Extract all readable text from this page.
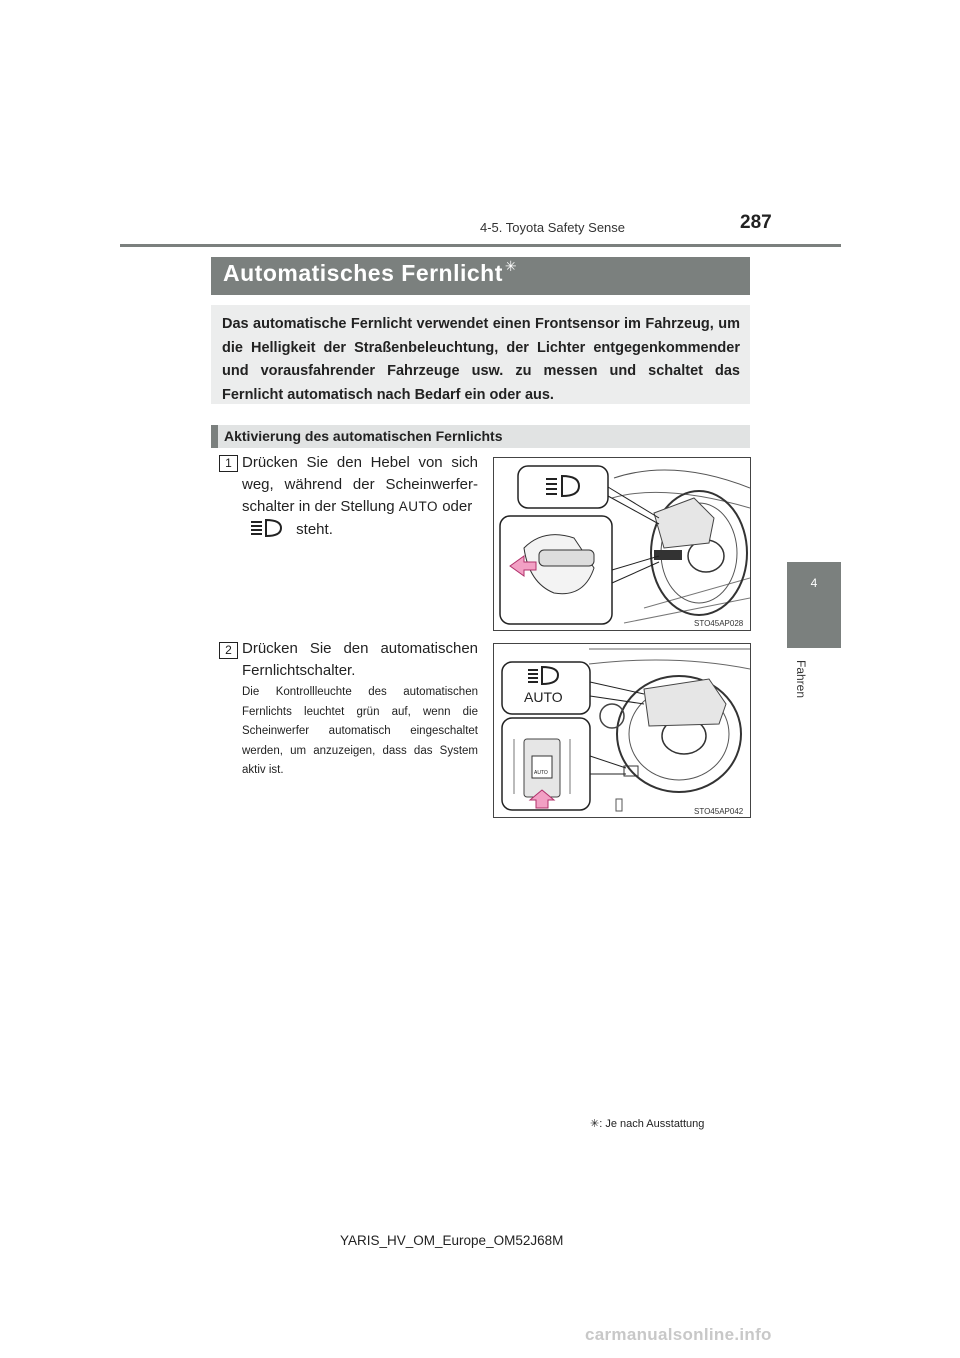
4-5. Toyota Safety Sense	287
4
Fahren
Automatisches Fernlicht ✳
Das automatische Fernlicht verwendet einen Frontsensor im Fahrzeug, um die Helligkeit der Straßenbeleuchtung, der Lichter entgegenkommender und vorausfahrender Fahrzeuge usw. zu messen und schaltet das Fernlicht automatisch nach Bedarf ein oder aus.
Aktivierung des automatischen Fernlichts
1 Drücken Sie den Hebel von sich weg, während der Scheinwerferschalter in der Stellung AUTO oder
steht.
STO45AP028
2 Drücken Sie den automatischen Fernlichtschalter.
Die Kontrollleuchte des automatischen Fernlichts leuchtet grün auf, wenn die Scheinwerfer automatisch eingeschaltet werden, um anzuzeigen, dass das System aktiv ist.
AUTO
AUTO
STO45AP042
✳: Je nach Ausstattung
YARIS_HV_OM_Europe_OM52J68M
carmanualsonline.info
